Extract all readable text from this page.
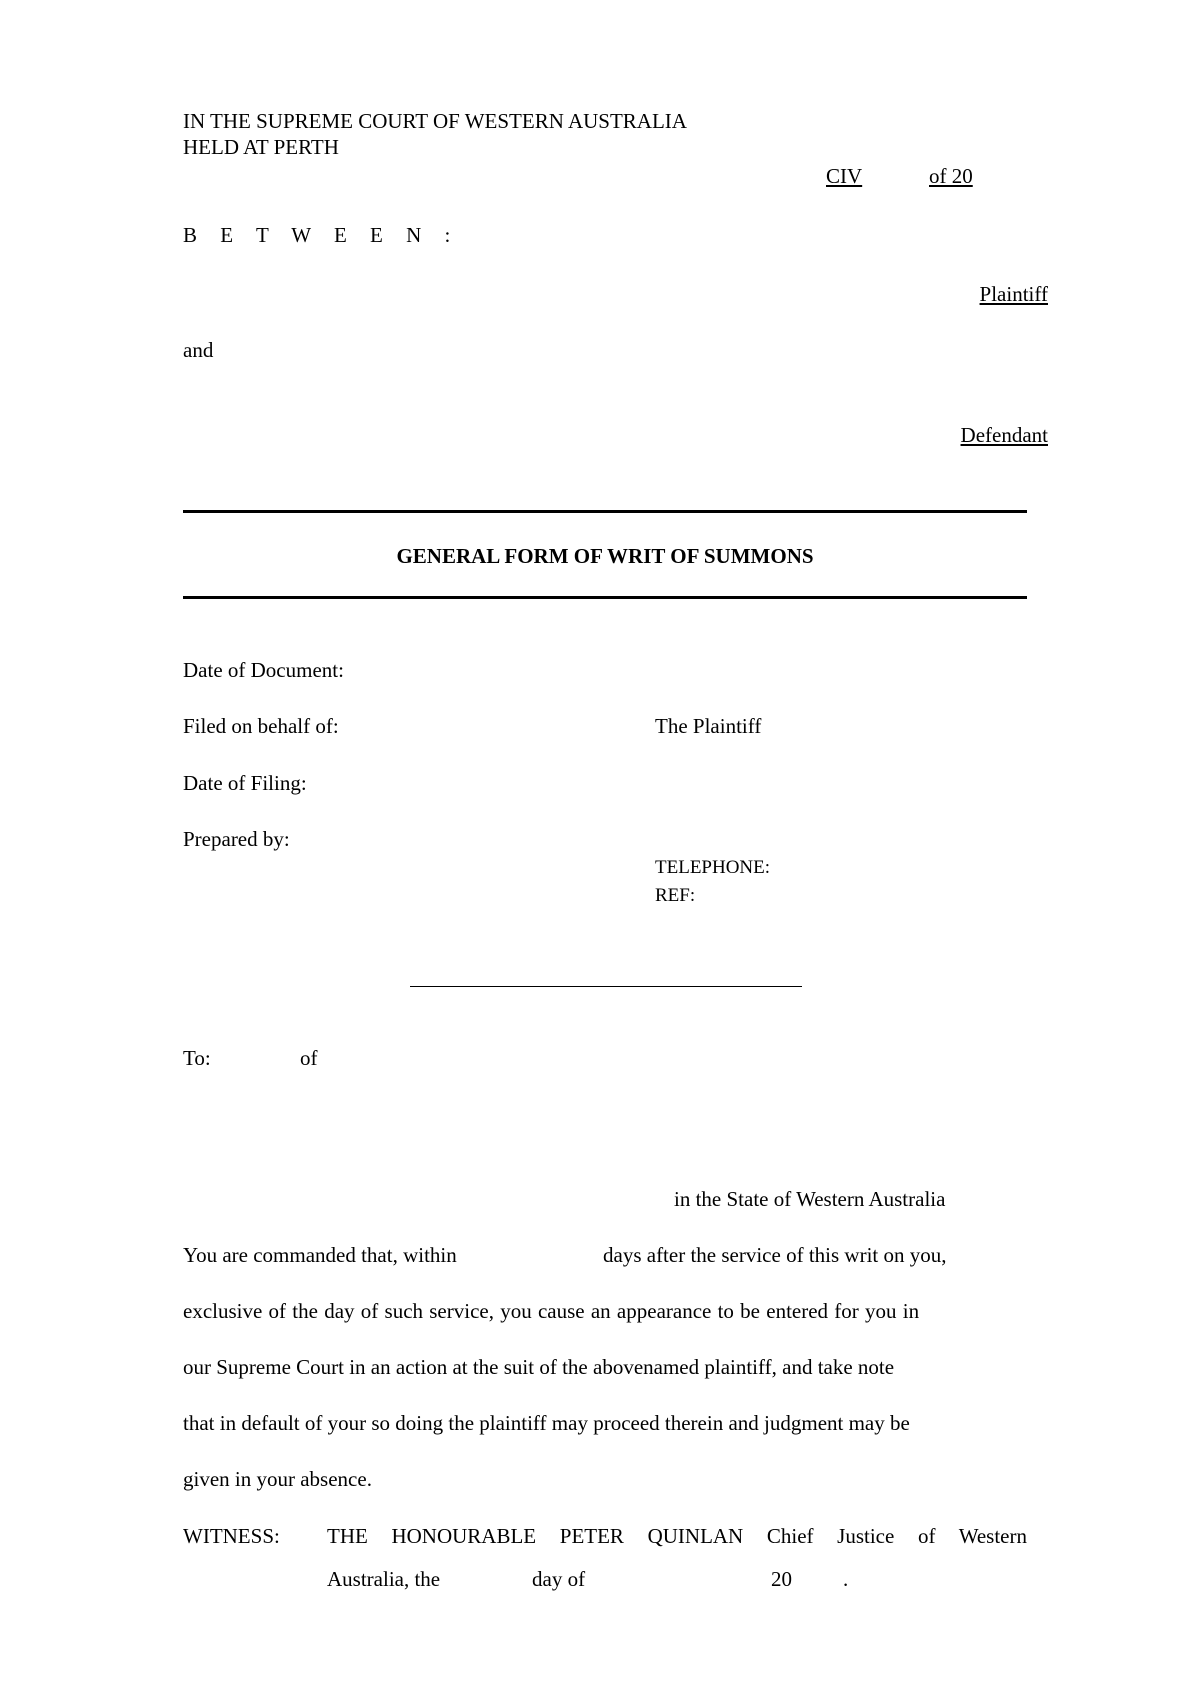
IN THE SUPREME COURT OF WESTERN AUSTRALIA
HELD AT PERTH
CIV	of 20
B E T W E E N :
Plaintiff
and
Defendant
GENERAL FORM OF WRIT OF SUMMONS
Date of Document:
Filed on behalf of:	The Plaintiff
Date of Filing:
Prepared by:
TELEPHONE:
REF:
To:	of
in the State of Western Australia
You are commanded that, within	days after the service of this writ on you,
exclusive of the day of such service, you cause an appearance to be entered for you in
our Supreme Court in an action at the suit of the abovenamed plaintiff, and take note
that in default of your so doing the plaintiff may proceed therein and judgment may be
given in your absence.
WITNESS: THE HONOURABLE PETER QUINLAN Chief Justice of Western
Australia, the	day of	20 .
